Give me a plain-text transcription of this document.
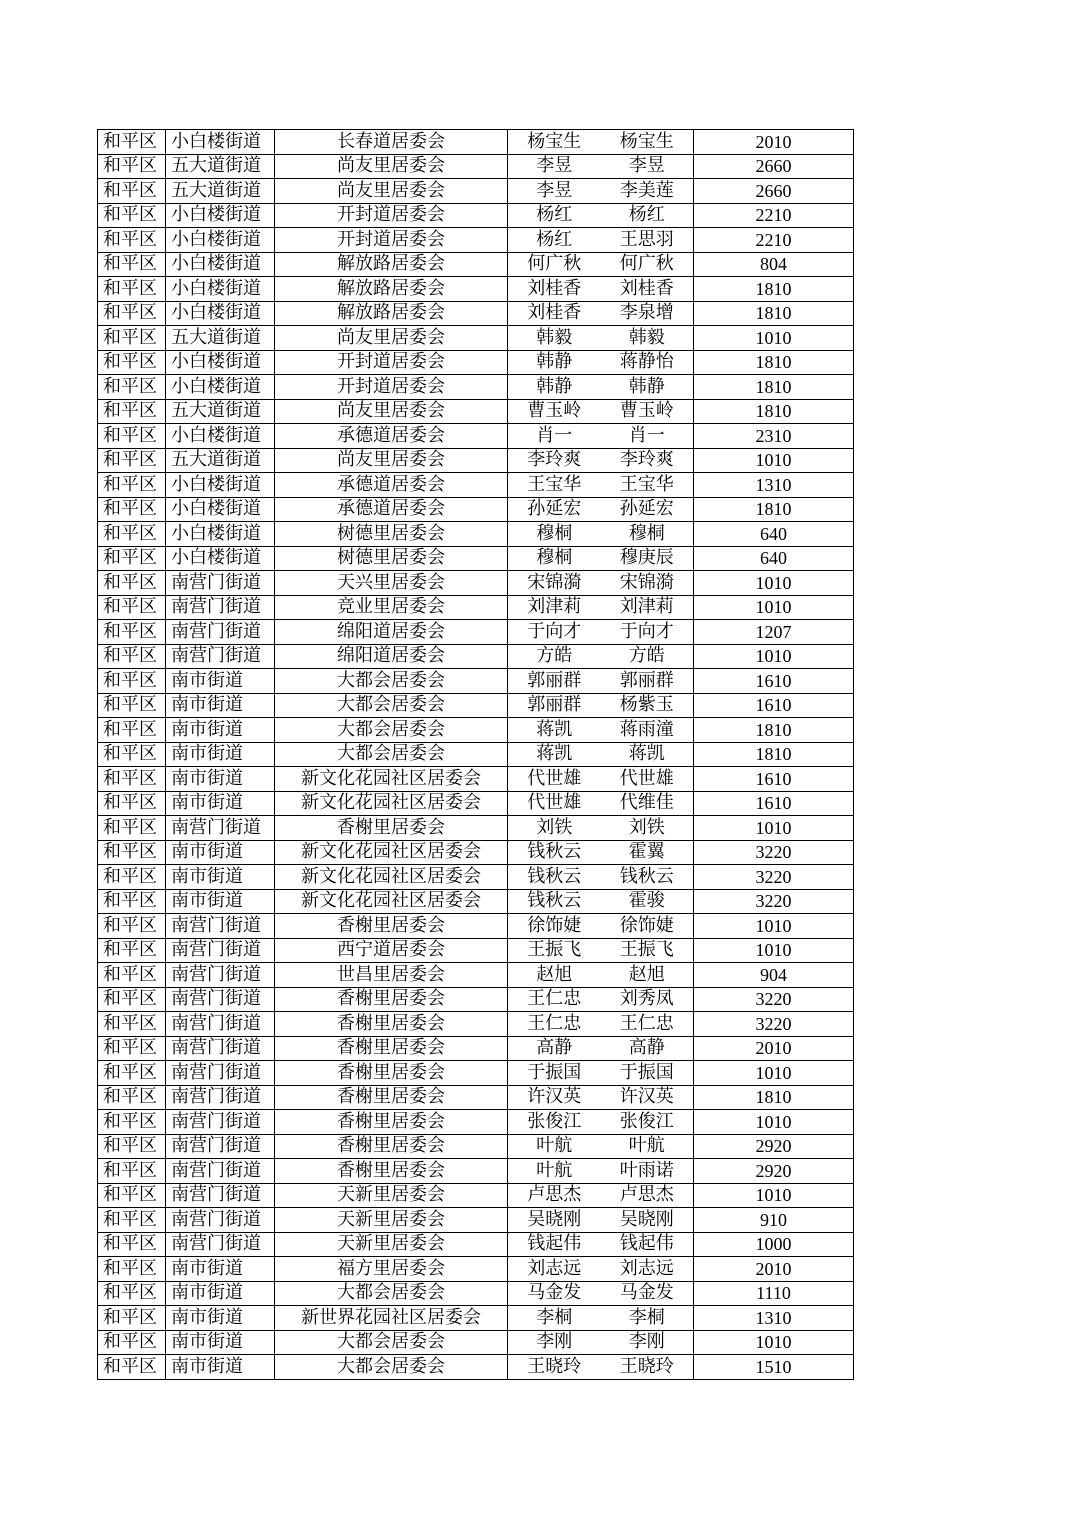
和平区	小白楼街道	长春道居委会	杨宝生	杨宝生	2010
和平区	五大道街道	尚友里居委会	李昱	李昱	2660
和平区	五大道街道	尚友里居委会	李昱	李美莲	2660
和平区	小白楼街道	开封道居委会	杨红	杨红	2210
和平区	小白楼街道	开封道居委会	杨红	王思羽	2210
和平区	小白楼街道	解放路居委会	何广秋	何广秋	804
和平区	小白楼街道	解放路居委会	刘桂香	刘桂香	1810
和平区	小白楼街道	解放路居委会	刘桂香	李泉增	1810
和平区	五大道街道	尚友里居委会	韩毅	韩毅	1010
和平区	小白楼街道	开封道居委会	韩静	蒋静怡	1810
和平区	小白楼街道	开封道居委会	韩静	韩静	1810
和平区	五大道街道	尚友里居委会	曹玉岭	曹玉岭	1810
和平区	小白楼街道	承德道居委会	肖一	肖一	2310
和平区	五大道街道	尚友里居委会	李玲爽	李玲爽	1010
和平区	小白楼街道	承德道居委会	王宝华	王宝华	1310
和平区	小白楼街道	承德道居委会	孙延宏	孙延宏	1810
和平区	小白楼街道	树德里居委会	穆桐	穆桐	640
和平区	小白楼街道	树德里居委会	穆桐	穆庚辰	640
和平区	南营门街道	天兴里居委会	宋锦漪	宋锦漪	1010
和平区	南营门街道	竞业里居委会	刘津莉	刘津莉	1010
和平区	南营门街道	绵阳道居委会	于向才	于向才	1207
和平区	南营门街道	绵阳道居委会	方皓	方皓	1010
和平区	南市街道	大都会居委会	郭丽群	郭丽群	1610
和平区	南市街道	大都会居委会	郭丽群	杨紫玉	1610
和平区	南市街道	大都会居委会	蒋凯	蒋雨潼	1810
和平区	南市街道	大都会居委会	蒋凯	蒋凯	1810
和平区	南市街道	新文化花园社区居委会	代世雄	代世雄	1610
和平区	南市街道	新文化花园社区居委会	代世雄	代维佳	1610
和平区	南营门街道	香榭里居委会	刘铁	刘铁	1010
和平区	南市街道	新文化花园社区居委会	钱秋云	霍翼	3220
和平区	南市街道	新文化花园社区居委会	钱秋云	钱秋云	3220
和平区	南市街道	新文化花园社区居委会	钱秋云	霍骏	3220
和平区	南营门街道	香榭里居委会	徐饰婕	徐饰婕	1010
和平区	南营门街道	西宁道居委会	王振飞	王振飞	1010
和平区	南营门街道	世昌里居委会	赵旭	赵旭	904
和平区	南营门街道	香榭里居委会	王仁忠	刘秀凤	3220
和平区	南营门街道	香榭里居委会	王仁忠	王仁忠	3220
和平区	南营门街道	香榭里居委会	高静	高静	2010
和平区	南营门街道	香榭里居委会	于振国	于振国	1010
和平区	南营门街道	香榭里居委会	许汉英	许汉英	1810
和平区	南营门街道	香榭里居委会	张俊江	张俊江	1010
和平区	南营门街道	香榭里居委会	叶航	叶航	2920
和平区	南营门街道	香榭里居委会	叶航	叶雨诺	2920
和平区	南营门街道	天新里居委会	卢思杰	卢思杰	1010
和平区	南营门街道	天新里居委会	吴晓刚	吴晓刚	910
和平区	南营门街道	天新里居委会	钱起伟	钱起伟	1000
和平区	南市街道	福方里居委会	刘志远	刘志远	2010
和平区	南市街道	大都会居委会	马金发	马金发	1110
和平区	南市街道	新世界花园社区居委会	李桐	李桐	1310
和平区	南市街道	大都会居委会	李刚	李刚	1010
和平区	南市街道	大都会居委会	王晓玲	王晓玲	1510
